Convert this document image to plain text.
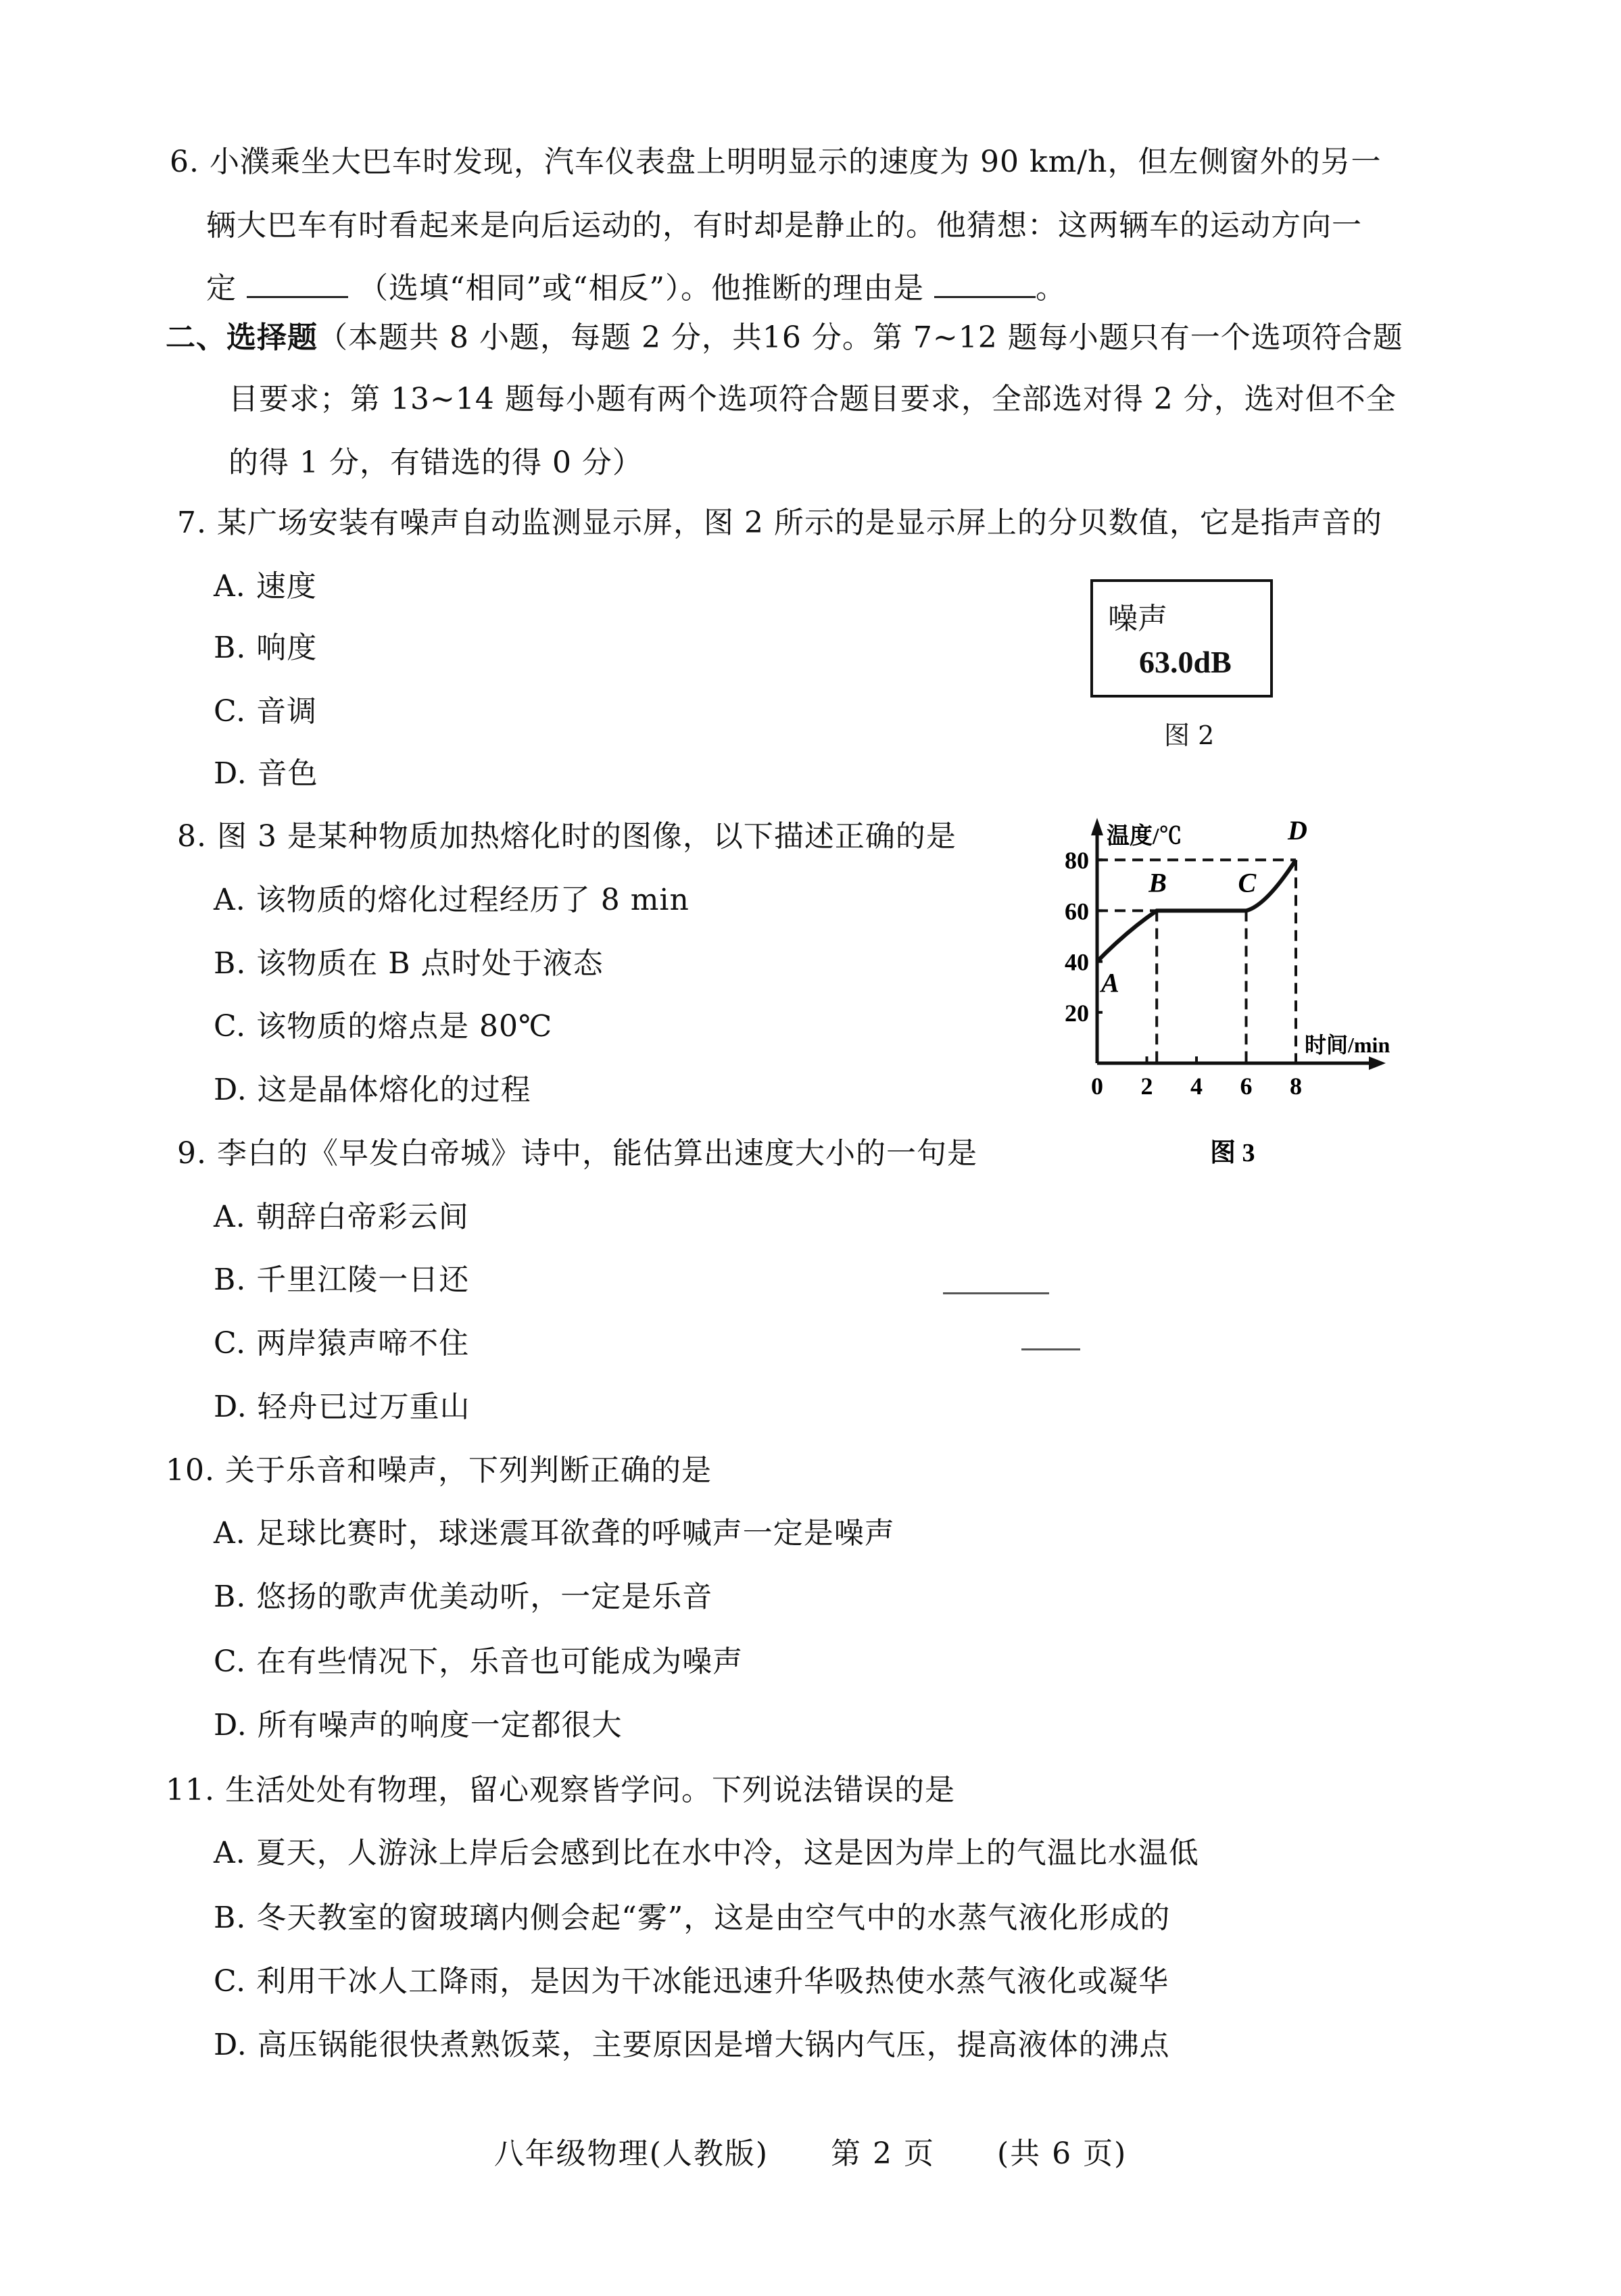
6. 小濮乘坐大巴车时发现，汽车仪表盘上明明显示的速度为 90 km/h，但左侧窗外的另一
辆大巴车有时看起来是向后运动的，有时却是静止的。他猜想：这两辆车的运动方向一
定	（选填“相同”或“相反”）。他推断的理由是	。
二、选择题（本题共 8 小题，每题 2 分，共16 分。第 7~12 题每小题只有一个选项符合题
目要求；第 13~14 题每小题有两个选项符合题目要求，全部选对得 2 分，选对但不全
的得 1 分，有错选的得 0 分）
7. 某广场安装有噪声自动监测显示屏，图 2 所示的是显示屏上的分贝数值，它是指声音的
A. 速度
B. 响度
C. 音调
D. 音色
8. 图 3 是某种物质加热熔化时的图像，以下描述正确的是
A. 该物质的熔化过程经历了 8 min
B. 该物质在 B 点时处于液态
C. 该物质的熔点是 80℃
D. 这是晶体熔化的过程
9. 李白的《早发白帝城》诗中，能估算出速度大小的一句是
A. 朝辞白帝彩云间
B. 千里江陵一日还
C. 两岸猿声啼不住
D. 轻舟已过万重山
10. 关于乐音和噪声，下列判断正确的是
A. 足球比赛时，球迷震耳欲聋的呼喊声一定是噪声
B. 悠扬的歌声优美动听，一定是乐音
C. 在有些情况下，乐音也可能成为噪声
D. 所有噪声的响度一定都很大
11. 生活处处有物理，留心观察皆学问。下列说法错误的是
A. 夏天，人游泳上岸后会感到比在水中冷，这是因为岸上的气温比水温低
B. 冬天教室的窗玻璃内侧会起“雾”，这是由空气中的水蒸气液化形成的
C. 利用干冰人工降雨，是因为干冰能迅速升华吸热使水蒸气液化或凝华
D. 高压锅能很快煮熟饭菜，主要原因是增大锅内气压，提高液体的沸点
噪声
63.0dB
图 2
温度/℃
时间/min
0 2 4 6 8
20
40
60
80
A
B	C
D
图 3
八年级物理(人教版)　　第 2 页　　(共 6 页)
